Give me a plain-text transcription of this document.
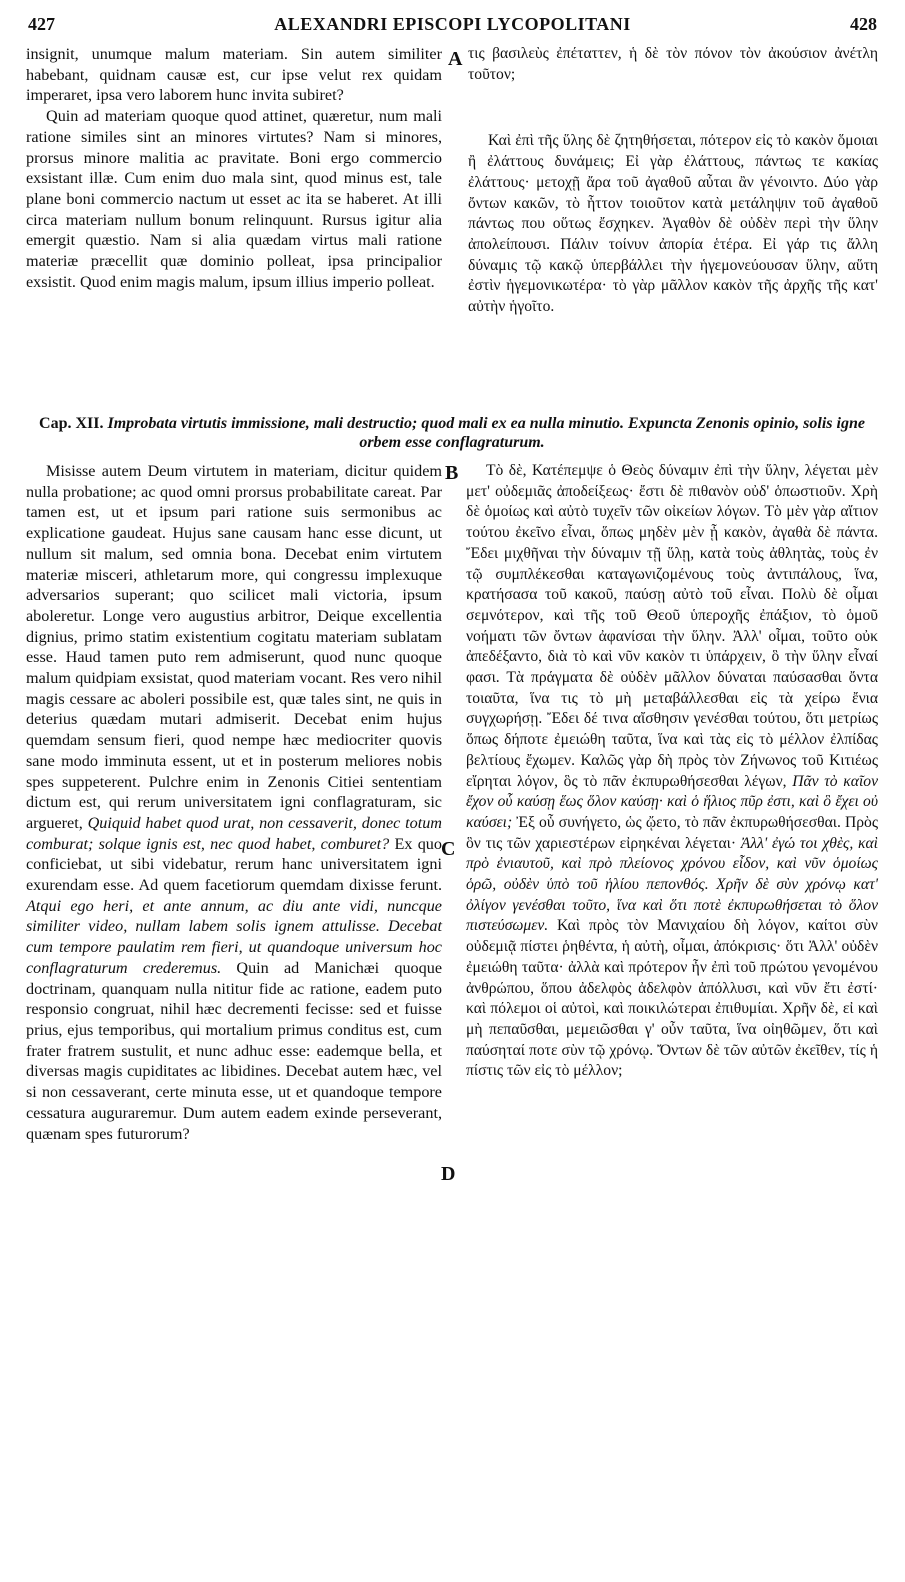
427	ALEXANDRI EPISCOPI LYCOPOLITANI	428

insignit, unumque malum materiam. Sin autem similiter habebant, quidnam causæ est, cur ipse velut rex quidam imperaret, ipsa vero laborem hunc invita subiret?

Quin ad materiam quoque quod attinet, quæretur, num mali ratione similes sint an minores virtutes? Nam si minores, prorsus minore malitia ac pravitate. Boni ergo commercio exsistant illæ. Cum enim duo mala sint, quod minus est, tale plane boni commercio nactum ut esset ac ita se haberet. At illi circa materiam nullum bonum relinquunt. Rursus igitur alia emergit quæstio. Nam si alia quædam virtus mali ratione materiæ præcellit quæ dominio polleat, ipsa principalior exsistit. Quod enim magis malum, ipsum illius imperio polleat.

A τις βασιλεὺς ἐπέταττεν, ἡ δὲ τὸν πόνον τὸν ἀκούσιον ἀνέτλη τοῦτον;

Καὶ ἐπὶ τῆς ὕλης δὲ ζητηθήσεται, πότερον εἰς τὸ κακὸν ὅμοιαι ἢ ἐλάττους δυνάμεις; Εἰ γὰρ ἐλάττους, πάντως τε κακίας ἐλάττους· μετοχῇ ἄρα τοῦ ἀγαθοῦ αὗται ἂν γένοιντο. Δύο γὰρ ὄντων κακῶν, τὸ ἧττον τοιοῦτον κατὰ μετάληψιν τοῦ ἀγαθοῦ πάντως που οὕτως ἔσχηκεν. Ἀγαθὸν δὲ οὐδὲν περὶ τὴν ὕλην ἀπολείπουσι. Πάλιν τοίνυν ἀπορία ἑτέρα. Εἰ γάρ τις ἄλλη δύναμις τῷ κακῷ ὑπερβάλλει τὴν ἡγεμονεύουσαν ὕλην, αὕτη ἐστὶν ἡγεμονικωτέρα· τὸ γὰρ μᾶλλον κακὸν τῆς ἀρχῆς τῆς κατ' αὐτὴν ἡγοῖτο.

Cap. XII. Improbata virtutis immissione, mali destructio; quod mali ex ea nulla minutio. Expuncta Zenonis opinio, solis igne orbem esse conflagraturum.
Misisse autem Deum virtutem in materiam, dicitur quidem nulla probatione; ac quod omni prorsus probabilitate careat. Par tamen est, ut et ipsum pari ratione suis sermonibus ac explicatione gaudeat. Hujus sane causam hanc esse dicunt, ut nullum sit malum, sed omnia bona. Decebat enim virtutem materiæ misceri, athletarum more, qui congressu implexuque adversarios superant; quo scilicet mali victoria, ipsum aboleretur. Longe vero augustius arbitror, Deique excellentia dignius, primo statim existentium cogitatu materiam sublatam esse. Haud tamen puto rem admiserunt, quod nunc quoque malum quidpiam exsistat, quod materiam vocant. Res vero nihil magis cessare ac aboleri possibile est, quæ tales sint, ne quis in deterius quædam mutari admiserit. Decebat enim hujus quemdam sensum fieri, quod nempe hæc mediocriter quovis sane modo imminuta essent, ut et in posterum meliores nobis spes suppeterent. Pulchre enim in Zenonis Citiei sententiam dictum est, qui rerum universitatem igni conflagraturam, sic argueret, Quiquid habet quod urat, non cessaverit, donec totum comburat; solque ignis est, nec quod habet, comburet? Ex quo conficiebat, ut sibi videbatur, rerum hanc universitatem igni exurendam esse. Ad quem facetiorum quemdam dixisse ferunt. Atqui ego heri, et ante annum, ac diu ante vidi, nuncque similiter video, nullam labem solis ignem attulisse. Decebat cum tempore paulatim rem fieri, ut quandoque universum hoc conflagraturum crederemus. Quin ad Manichæi quoque doctrinam, quanquam nulla nititur fide ac ratione, eadem puto responsio congruat, nihil hæc decrementi fecisse: sed et fuisse prius, ejus temporibus, qui mortalium primus conditus est, cum frater fratrem sustulit, et nunc adhuc esse: eademque bella, et diversas magis cupiditates ac libidines. Decebat autem hæc, vel si non cessaverant, certe minuta esse, ut et quandoque tempore cessatura auguraremur. Dum autem eadem exinde perseverant, quænam spes futurorum?
B
C
D
Τὸ δὲ, Κατέπεμψε ὁ Θεὸς δύναμιν ἐπὶ τὴν ὕλην, λέγεται μὲν μετ' οὐδεμιᾶς ἀποδείξεως· ἔστι δὲ πιθανὸν οὐδ' ὁπωστιοῦν. Χρὴ δὲ ὁμοίως καὶ αὐτὸ τυχεῖν τῶν οἰκείων λόγων. Τὸ μὲν γὰρ αἴτιον τούτου ἐκεῖνο εἶναι, ὅπως μηδὲν μὲν ᾖ κακὸν, ἀγαθὰ δὲ πάντα. Ἔδει μιχθῆναι τὴν δύναμιν τῇ ὕλῃ, κατὰ τοὺς ἀθλητὰς, τοὺς ἐν τῷ συμπλέκεσθαι καταγωνιζομένους τοὺς ἀντιπάλους, ἵνα, κρατήσασα τοῦ κακοῦ, παύσῃ αὐτὸ τοῦ εἶναι. Πολὺ δὲ οἶμαι σεμνότερον, καὶ τῆς τοῦ Θεοῦ ὑπεροχῆς ἐπάξιον, τὸ ὁμοῦ νοήματι τῶν ὄντων ἀφανίσαι τὴν ὕλην. Ἀλλ' οἶμαι, τοῦτο οὐκ ἀπεδέξαντο, διὰ τὸ καὶ νῦν κακὸν τι ὑπάρχειν, ὃ τὴν ὕλην εἶναί φασι. Τὰ πράγματα δὲ οὐδὲν μᾶλλον δύναται παύσασθαι ὄντα τοιαῦτα, ἵνα τις τὸ μὴ μεταβάλλεσθαι εἰς τὰ χείρω ἔνια συγχωρήσῃ. Ἔδει δέ τινα αἴσθησιν γενέσθαι τούτου, ὅτι μετρίως ὅπως δήποτε ἐμειώθη ταῦτα, ἵνα καὶ τὰς εἰς τὸ μέλλον ἐλπίδας βελτίους ἔχωμεν. Καλῶς γὰρ δὴ πρὸς τὸν Ζήνωνος τοῦ Κιτιέως εἴρηται λόγον, ὃς τὸ πᾶν ἐκπυρωθήσεσθαι λέγων, Πᾶν τὸ καῖον ἔχον οὗ καύσῃ ἕως ὅλον καύσῃ· καὶ ὁ ἥλιος πῦρ ἐστι, καὶ ὃ ἔχει οὐ καύσει; Ἐξ οὗ συνήγετο, ὡς ᾤετο, τὸ πᾶν ἐκπυρωθήσεσθαι. Πρὸς ὃν τις τῶν χαριεστέρων εἰρηκέναι λέγεται· Ἀλλ' ἐγώ τοι χθὲς, καὶ πρὸ ἐνιαυτοῦ, καὶ πρὸ πλείονος χρόνου εἶδον, καὶ νῦν ὁμοίως ὁρῶ, οὐδὲν ὑπὸ τοῦ ἡλίου πεπονθός. Χρῆν δὲ σὺν χρόνῳ κατ' ὀλίγον γενέσθαι τοῦτο, ἵνα καὶ ὅτι ποτὲ ἐκπυρωθήσεται τὸ ὅλον πιστεύσωμεν. Καὶ πρὸς τὸν Μανιχαίου δὴ λόγον, καίτοι σὺν οὐδεμιᾷ πίστει ῥηθέντα, ἡ αὐτὴ, οἶμαι, ἀπόκρισις· ὅτι Ἀλλ' οὐδὲν ἐμειώθη ταῦτα· ἀλλὰ καὶ πρότερον ἦν ἐπὶ τοῦ πρώτου γενομένου ἀνθρώπου, ὅπου ἀδελφὸς ἀδελφὸν ἀπόλλυσι, καὶ νῦν ἔτι ἐστί· καὶ πόλεμοι οἱ αὐτοὶ, καὶ ποικιλώτεραι ἐπιθυμίαι. Χρῆν δὲ, εἰ καὶ μὴ πεπαῦσθαι, μεμειῶσθαι γ' οὖν ταῦτα, ἵνα οἰηθῶμεν, ὅτι καὶ παύσηταί ποτε σὺν τῷ χρόνῳ. Ὄντων δὲ τῶν αὐτῶν ἐκεῖθεν, τίς ἡ πίστις τῶν εἰς τὸ μέλλον;
